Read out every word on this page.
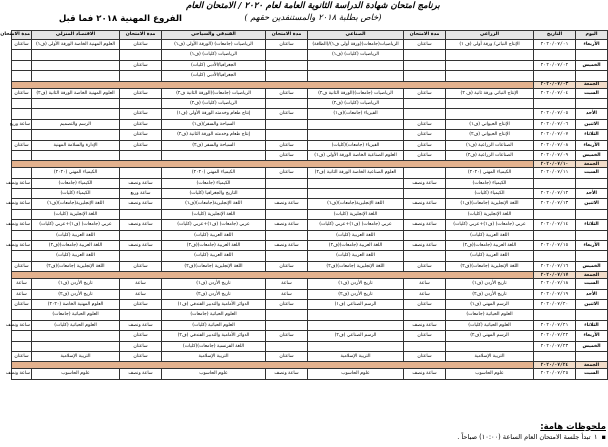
برنامج امتحان شهادة الدراسة الثانوية العامة لعام ٢٠٢٠ / الامتحان العام
(خاص بطلبة ٢٠١٨ والمستنفدين حقهم )
الفروع المهنية ٢٠١٨ فما قبل
اليوم	التاريخ	الزراعي	مدة الامتحان	الصناعي	مدة الامتحان	الفندقي والسياحي	مدة الامتحان	الاقتصاد المنزلي	مدة الامتحان
الأربعاء	٢٠٢٠/٠٧/٠١	الإنتاج النباتي/ ورقة أولى (ف ١)	ساعتان	الرياضيات(جامعات)(ورقة أولى ف١)/(الطاقة)	ساعتان	الرياضيات (جامعات) (الورقة الأولى (ف١)	ساعتان	العلوم المهنية الخاصة الورقة الأولى (ف١)	ساعتان
				الرياضيات (كليات) (ف١)		الرياضيات (كليات) (ف١)			
الخميس	٢٠٢٠/٠٧/٠٢					الجغرافيا/الأدبي (كليات)	ساعتان		
						الجغرافيا/الأدبي (كليات)			
الجمعة	٢٠٢٠/٠٧/٠٣								
السبت	٢٠٢٠/٠٧/٠٤	الإنتاج النباتي ورقة ثانية (ف ٢)	ساعتان	الرياضيات (جامعات)(الورقة الثانية ف٢)	ساعتان	الرياضيات (جامعات)(الورقة الثانية ف٢)	ساعتان	العلوم المهنية الخاصة الورقة الثانية (ف٢)	ساعتان
				الرياضيات (كليات) (ف٢)		الرياضيات (كليات) (ف٢)			
الأحد	٢٠٢٠/٠٧/٠٥			الفيزياء (جامعات)(ف١)	ساعتان	إنتاج طعام وخدمته الورقة الأولى (ف١)	ساعتان		
الاثنين	٢٠٢٠/٠٧/٠٦	الإنتاج الحيواني (ف١)	ساعتان			السياحة والسفر/(ف١)	ساعتان	الرسم والتصميم	ساعة وربع
الثلاثاء	٢٠٢٠/٠٧/٠٧	الإنتاج الحيواني (ف٢)	ساعتان			إنتاج طعام وخدمته الورقة الثانية (ف٢)	ساعتان		
الأربعاء	٢٠٢٠/٠٧/٠٨	الصناعات الزراعية (ف١)	ساعتان	الفيزياء (جامعات)(كليات)	ساعتان	السياحة والسفر (ف٢)	ساعتان	الإدارة والسلامة المهنية	ساعتان
الخميس	٢٠٢٠/٠٧/٠٩	الصناعات الزراعية (ف٢)	ساعتان	العلوم الصناعية الخاصة الورقة الأولى (ف١)	ساعتان				
الجمعة	٢٠٢٠/٠٧/١٠								
السبت	٢٠٢٠/٠٧/١١	الكيمياء المهني (٢٠٢٠)		العلوم الصناعية الخاصة الورقة الثانية (ف٢)	ساعتان	الكيمياء المهني (٢٠٢٠)		الكيمياء المهني (٢٠٢٠)	
		الكيمياء (جامعات)	ساعة ونصف			الكيمياء (جامعات)	ساعة ونصف	الكيمياء (جامعات)	ساعة ونصف
الأحد	٢٠٢٠/٠٧/١٢	الكيمياء (كليات)				التاريخ والجغرافيا (كليات)	ساعة وربع	الكيمياء (كليات)	
الاثنين	٢٠٢٠/٠٧/١٣	اللغة الإنجليزية (جامعات)(ف١)	ساعة ونصف	اللغة الإنجليزية(جامعات)(ف١)	ساعة ونصف	اللغة الإنجليزية(جامعات)(ف١)	ساعة ونصف	اللغة الإنجليزية(جامعات)(ف١)	ساعة ونصف
		اللغة الإنجليزية (كليات)		اللغة الإنجليزية (كليات)		اللغة الإنجليزية (كليات)		اللغة الإنجليزية (كليات)	
الثلاثاء	٢٠٢٠/٠٧/١٤	عربي (جامعات) (ف١)+عربي (كليات)	ساعة ونصف	عربي (جامعات) (ف١)+عربي (كليات)	ساعة ونصف	عربي (جامعات) (ف١)+عربي (كليات)	ساعة ونصف	عربي (جامعات) (ف١)+عربي (كليات)	ساعة ونصف
		اللغة العربية (كليات)		اللغة العربية (كليات)		اللغة العربية (كليات)		اللغة العربية (كليات)	
الأربعاء	٢٠٢٠/٠٧/١٥	اللغة العربية (جامعات)(ف٢)	ساعة ونصف	اللغة العربية (جامعات)(ف٢)	ساعة ونصف	اللغة العربية (جامعات)(ف٢)	ساعة ونصف	اللغة العربية (جامعات)(ف٢)	ساعة ونصف
		اللغة العربية (كليات)		اللغة العربية (كليات)		اللغة العربية (كليات)		اللغة العربية (كليات)	
الخميس	٢٠٢٠/٠٧/١٦	اللغة الإنجليزية (جامعات)(ف٢)	ساعتان	اللغة الإنجليزية (جامعات)(ف٢)	ساعتان	اللغة الإنجليزية (جامعات)(ف٢)	ساعتان	اللغة الإنجليزية (جامعات)(ف٢)	ساعتان
الجمعة	٢٠٢٠/٠٧/١٧								
السبت	٢٠٢٠/٠٧/١٨	تاريخ الأردن (ف١)	ساعة	تاريخ الأردن (ف١)	ساعة	تاريخ الأردن (ف١)	ساعة	تاريخ الأردن (ف١)	ساعة
الأحد	٢٠٢٠/٠٧/١٩	تاريخ الأردن (ف٢)	ساعة	تاريخ الأردن (ف٢)	ساعة	تاريخ الأردن (ف٢)	ساعة	تاريخ الأردن (ف٢)	ساعة
الاثنين	٢٠٢٠/٠٧/٢٠	الرسم المهني (ف١)	ساعتان	الرسم الصناعي (ف١)	ساعتان	الدوائر الأمامية والتدبير الفندقي (ف١)	ساعتان	العلوم المهنية الخاصة (٢٠٢٠)	ساعتان
		العلوم الحياتية (جامعات)				العلوم الحياتية (جامعات)		العلوم الحياتية (جامعات)	
الثلاثاء	٢٠٢٠/٠٧/٢١	العلوم الحياتية (كليات)	ساعة ونصف			العلوم الحياتية (كليات)	ساعة ونصف	العلوم الحياتية (كليات)	ساعة ونصف
الأربعاء	٢٠٢٠/٠٧/٢٢	الرسم المهني (ف٢)	ساعتان	الرسم الصناعي (ف٢)	ساعتان	الدوائر الأمامية والتدبير الفندقي (ف٢)	ساعتان		
الخميس	٢٠٢٠/٠٧/٢٣					اللغة الفرنسية (جامعات)(كليات)	ساعتان		
		التربية الإسلامية	ساعتان	التربية الإسلامية	ساعتان	التربية الإسلامية	ساعتان	التربية الإسلامية	ساعتان
الجمعة	٢٠٢٠/٠٧/٢٤								
السبت	٢٠٢٠/٠٧/٢٥	علوم الحاسوب	ساعة ونصف	علوم الحاسوب	ساعة ونصف	علوم الحاسوب	ساعة ونصف	علوم الحاسوب	ساعة ونصف
ملحوظات هامة:
▪١تبدأ جلسة الامتحان العام الساعة (١٠:٠٠) صباحاً .
